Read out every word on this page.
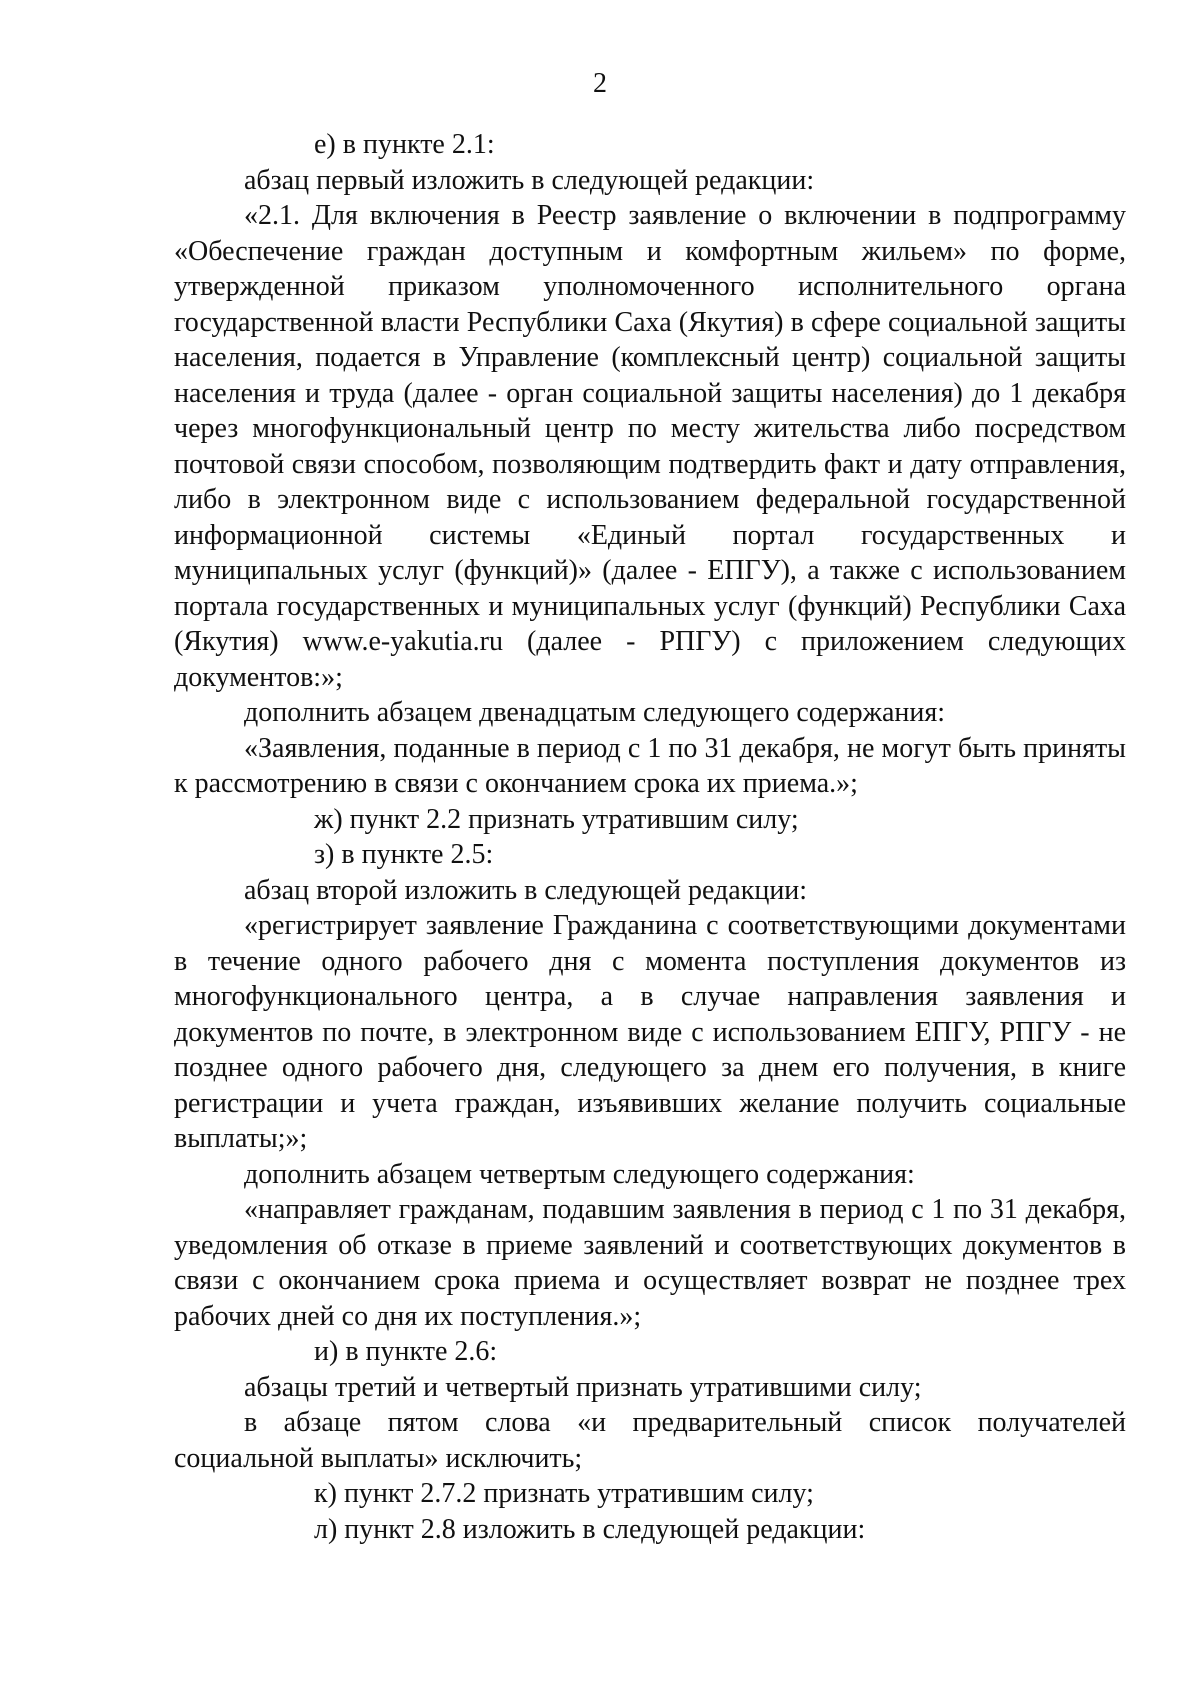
2

е) в пункте 2.1:

абзац первый изложить в следующей редакции:

«2.1. Для включения в Реестр заявление о включении в подпрограмму «Обеспечение граждан доступным и комфортным жильем» по форме, утвержденной приказом уполномоченного исполнительного органа государственной власти Республики Саха (Якутия) в сфере социальной защиты населения, подается в Управление (комплексный центр) социальной защиты населения и труда (далее - орган социальной защиты населения) до 1 декабря через многофункциональный центр по месту жительства либо посредством почтовой связи способом, позволяющим подтвердить факт и дату отправления, либо в электронном виде с использованием федеральной государственной информационной системы «Единый портал государственных и муниципальных услуг (функций)» (далее - ЕПГУ), а также с использованием портала государственных и муниципальных услуг (функций) Республики Саха (Якутия) www.e-yakutia.ru (далее - РПГУ) с приложением следующих документов:»;

дополнить абзацем двенадцатым следующего содержания:

«Заявления, поданные в период с 1 по 31 декабря, не могут быть приняты к рассмотрению в связи с окончанием срока их приема.»;

ж) пункт 2.2 признать утратившим силу;

з) в пункте 2.5:

абзац второй изложить в следующей редакции:

«регистрирует заявление Гражданина с соответствующими документами в течение одного рабочего дня с момента поступления документов из многофункционального центра, а в случае направления заявления и документов по почте, в электронном виде с использованием ЕПГУ, РПГУ - не позднее одного рабочего дня, следующего за днем его получения, в книге регистрации и учета граждан, изъявивших желание получить социальные выплаты;»;

дополнить абзацем четвертым следующего содержания:

«направляет гражданам, подавшим заявления в период с 1 по 31 декабря, уведомления об отказе в приеме заявлений и соответствующих документов в связи с окончанием срока приема и осуществляет возврат не позднее трех рабочих дней со дня их поступления.»;

и) в пункте 2.6:

абзацы третий и четвертый признать утратившими силу;

в абзаце пятом слова «и предварительный список получателей социальной выплаты» исключить;

к) пункт 2.7.2 признать утратившим силу;

л) пункт 2.8 изложить в следующей редакции:
